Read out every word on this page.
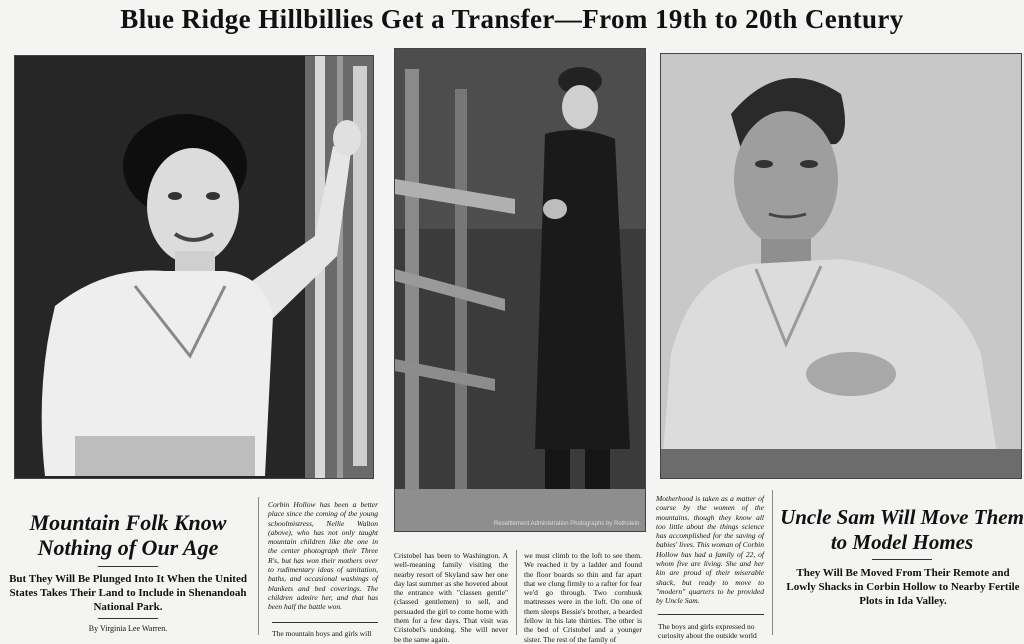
Blue Ridge Hillbillies Get a Transfer—From 19th to 20th Century
Resettlement Administration Photographs by Rothstein.
Mountain Folk Know Nothing of Our Age
But They Will Be Plunged Into It When the United States Takes Their Land to Include in Shenandoah National Park.
By Virginia Lee Warren.
Corbin Hollow has been a better place since the coming of the young schoolmistress, Nellie Walton (above), who has not only taught mountain children like the one in the center photograph their Three R's, but has won their mothers over to rudimentary ideas of sanitation, baths, and occasional washings of blankets and bed coverings. The children admire her, and that has been half the battle won.
The mountain boys and girls will
Cristobel has been to Washington. A well-meaning family visiting the nearby resort of Skyland saw her one day last summer as she hovered about the entrance with "classen gentle" (classed gentlemen) to sell, and persuaded the girl to come home with them for a few days. That visit was Cristobel's undoing. She will never be the same again.
we must climb to the loft to see them. We reached it by a ladder and found the floor boards so thin and far apart that we clung firmly to a rafter for fear we'd go through. Two cornhusk mattresses were in the loft. On one of them sleeps Bessie's brother, a bearded fellow in his late thirties. The other is the bed of Cristobel and a younger sister. The rest of the family of
Motherhood is taken as a matter of course by the women of the mountains, though they know all too little about the things science has accomplished for the saving of babies' lives. This woman of Corbin Hollow has had a family of 22, of whom five are living. She and her kin are proud of their miserable shack, but ready to move to "modern" quarters to be provided by Uncle Sam.
The boys and girls expressed no curiosity about the outside world
Uncle Sam Will Move Them to Model Homes
They Will Be Moved From Their Remote and Lowly Shacks in Corbin Hollow to Nearby Fertile Plots in Ida Valley.
